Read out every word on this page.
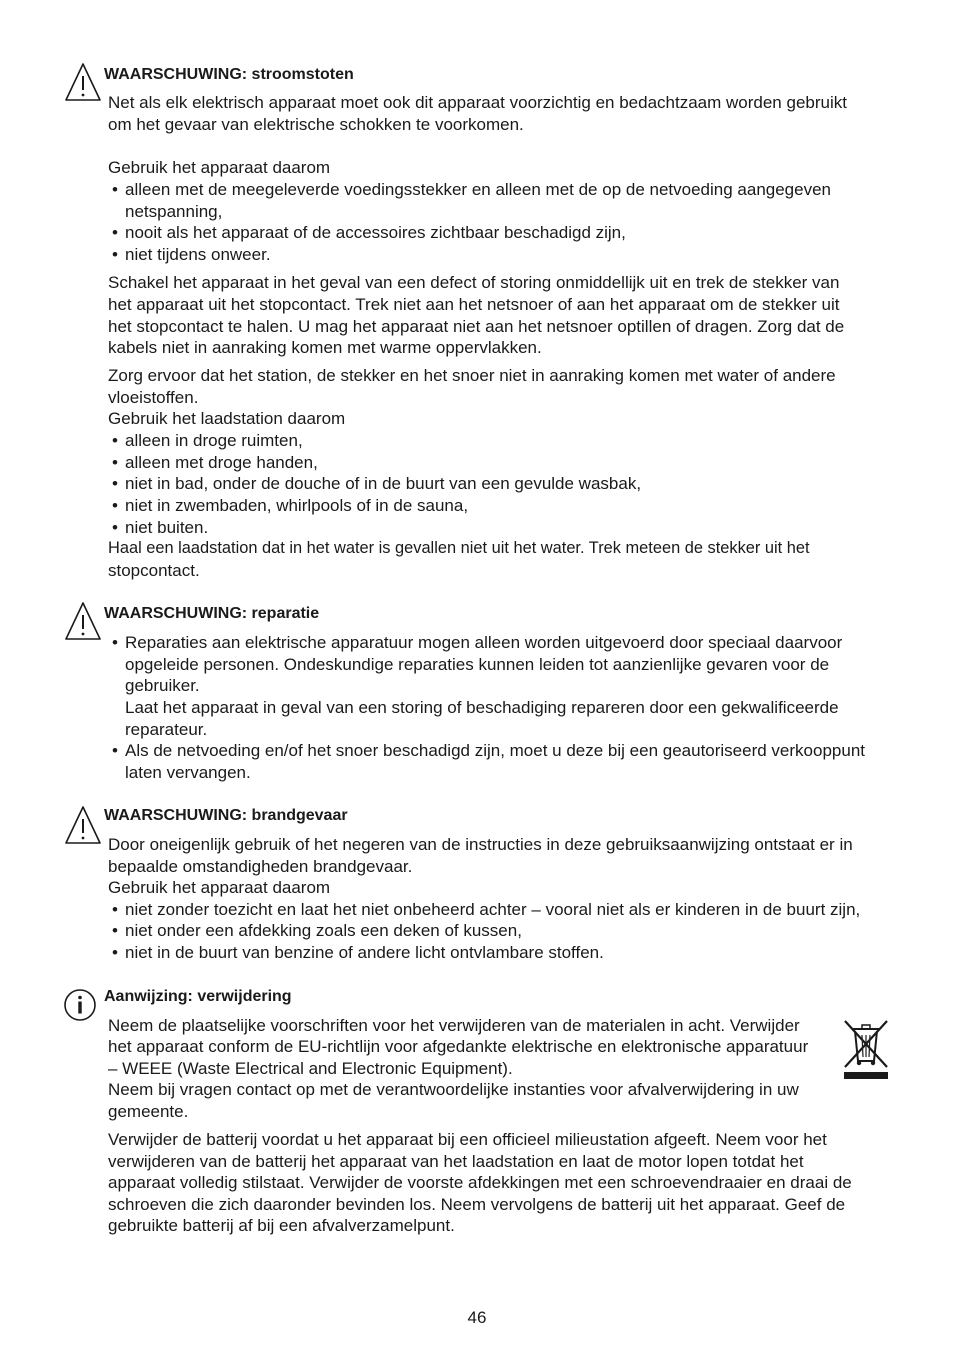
WAARSCHUWING: stroomstoten
Net als elk elektrisch apparaat moet ook dit apparaat voorzichtig en bedachtzaam worden gebruikt
om het gevaar van elektrische schokken te voorkomen.
Gebruik het apparaat daarom
• alleen met de meegeleverde voedingsstekker en alleen met de op de netvoeding aangegeven
netspanning,
• nooit als het apparaat of de accessoires zichtbaar beschadigd zijn,
• niet tijdens onweer.
Schakel het apparaat in het geval van een defect of storing onmiddellijk uit en trek de stekker van
het apparaat uit het stopcontact. Trek niet aan het netsnoer of aan het apparaat om de stekker uit
het stopcontact te halen. U mag het apparaat niet aan het netsnoer optillen of dragen. Zorg dat de
kabels niet in aanraking komen met warme oppervlakken.
Zorg ervoor dat het station, de stekker en het snoer niet in aanraking komen met water of andere
vloeistoffen.
Gebruik het laadstation daarom
• alleen in droge ruimten,
• alleen met droge handen,
• niet in bad, onder de douche of in de buurt van een gevulde wasbak,
• niet in zwembaden, whirlpools of in de sauna,
• niet buiten.
Haal een laadstation dat in het water is gevallen niet uit het water. Trek meteen de stekker uit het
stopcontact.
WAARSCHUWING: reparatie
• Reparaties aan elektrische apparatuur mogen alleen worden uitgevoerd door speciaal daarvoor
opgeleide personen. Ondeskundige reparaties kunnen leiden tot aanzienlijke gevaren voor de
gebruiker.
Laat het apparaat in geval van een storing of beschadiging repareren door een gekwalificeerde
reparateur.
• Als de netvoeding en/of het snoer beschadigd zijn, moet u deze bij een geautoriseerd verkooppunt
laten vervangen.
WAARSCHUWING: brandgevaar
Door oneigenlijk gebruik of het negeren van de instructies in deze gebruiksaanwijzing ontstaat er in
bepaalde omstandigheden brandgevaar.
Gebruik het apparaat daarom
• niet zonder toezicht en laat het niet onbeheerd achter – vooral niet als er kinderen in de buurt zijn,
• niet onder een afdekking zoals een deken of kussen,
• niet in de buurt van benzine of andere licht ontvlambare stoffen.
Aanwijzing: verwijdering
Neem de plaatselijke voorschriften voor het verwijderen van de materialen in acht. Verwijder
het apparaat conform de EU-richtlijn voor afgedankte elektrische en elektronische apparatuur
– WEEE (Waste Electrical and Electronic Equipment).
Neem bij vragen contact op met de verantwoordelijke instanties voor afvalverwijdering in uw
gemeente.
Verwijder de batterij voordat u het apparaat bij een officieel milieustation afgeeft. Neem voor het
verwijderen van de batterij het apparaat van het laadstation en laat de motor lopen totdat het
apparaat volledig stilstaat. Verwijder de voorste afdekkingen met een schroevendraaier en draai de
schroeven die zich daaronder bevinden los. Neem vervolgens de batterij uit het apparaat. Geef de
gebruikte batterij af bij een afvalverzamelpunt.
46
